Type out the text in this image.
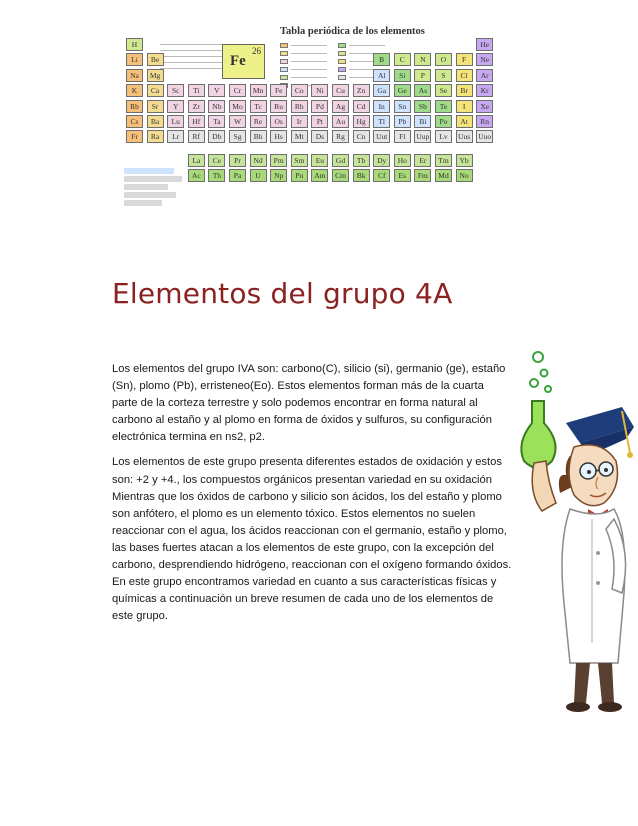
Tabla periódica de los elementos
26
Fe
H	He
Li	Be	B	C	N	O	F	Ne
Na	Mg	Al	Si	P	S	Cl	Ar
K	Ca	Sc	Ti	V	Cr	Mn	Fe	Co	Ni	Cu	Zn	Ga	Ge	As	Se	Br	Kr
Rb	Sr	Y	Zr	Nb	Mo	Tc	Ru	Rh	Pd	Ag	Cd	In	Sn	Sb	Te	I	Xe
Cs	Ba	Lu	Hf	Ta	W	Re	Os	Ir	Pt	Au	Hg	Tl	Pb	Bi	Po	At	Rn
Fr	Ra	Lr	Rf	Db	Sg	Bh	Hs	Mt	Ds	Rg	Cn	Uut	Fl	Uup	Lv	Uus	Uuo
La	Ce	Pr	Nd	Pm	Sm	Eu	Gd	Tb	Dy	Ho	Er	Tm	Yb
Ac	Th	Pa	U	Np	Pu	Am	Cm	Bk	Cf	Es	Fm	Md	No
Elementos del grupo 4A

Los elementos del grupo IVA son: carbono(C), silicio (si), germanio (ge), estaño (Sn), plomo (Pb), erristeneo(Eo). Estos elementos forman más de la cuarta parte de la corteza terrestre y solo podemos encontrar en forma natural al carbono al estaño y al plomo en forma de óxidos y sulfuros, su configuración electrónica termina en ns2, p2.

Los elementos de este grupo presenta diferentes estados de oxidación y estos son: +2 y +4., los compuestos orgánicos presentan variedad en su oxidación Mientras que los óxidos de carbono y silicio son ácidos, los del estaño y plomo son anfótero, el plomo es un elemento tóxico. Estos elementos no suelen reaccionar con el agua, los ácidos reaccionan con el germanio, estaño y plomo, las bases fuertes atacan a los elementos de este grupo, con la excepción del carbono, desprendiendo hidrógeno, reaccionan con el oxígeno formando óxidos. En este grupo encontramos variedad en cuanto a sus características físicas y químicas a continuación un breve resumen de cada uno de los elementos de este grupo.
